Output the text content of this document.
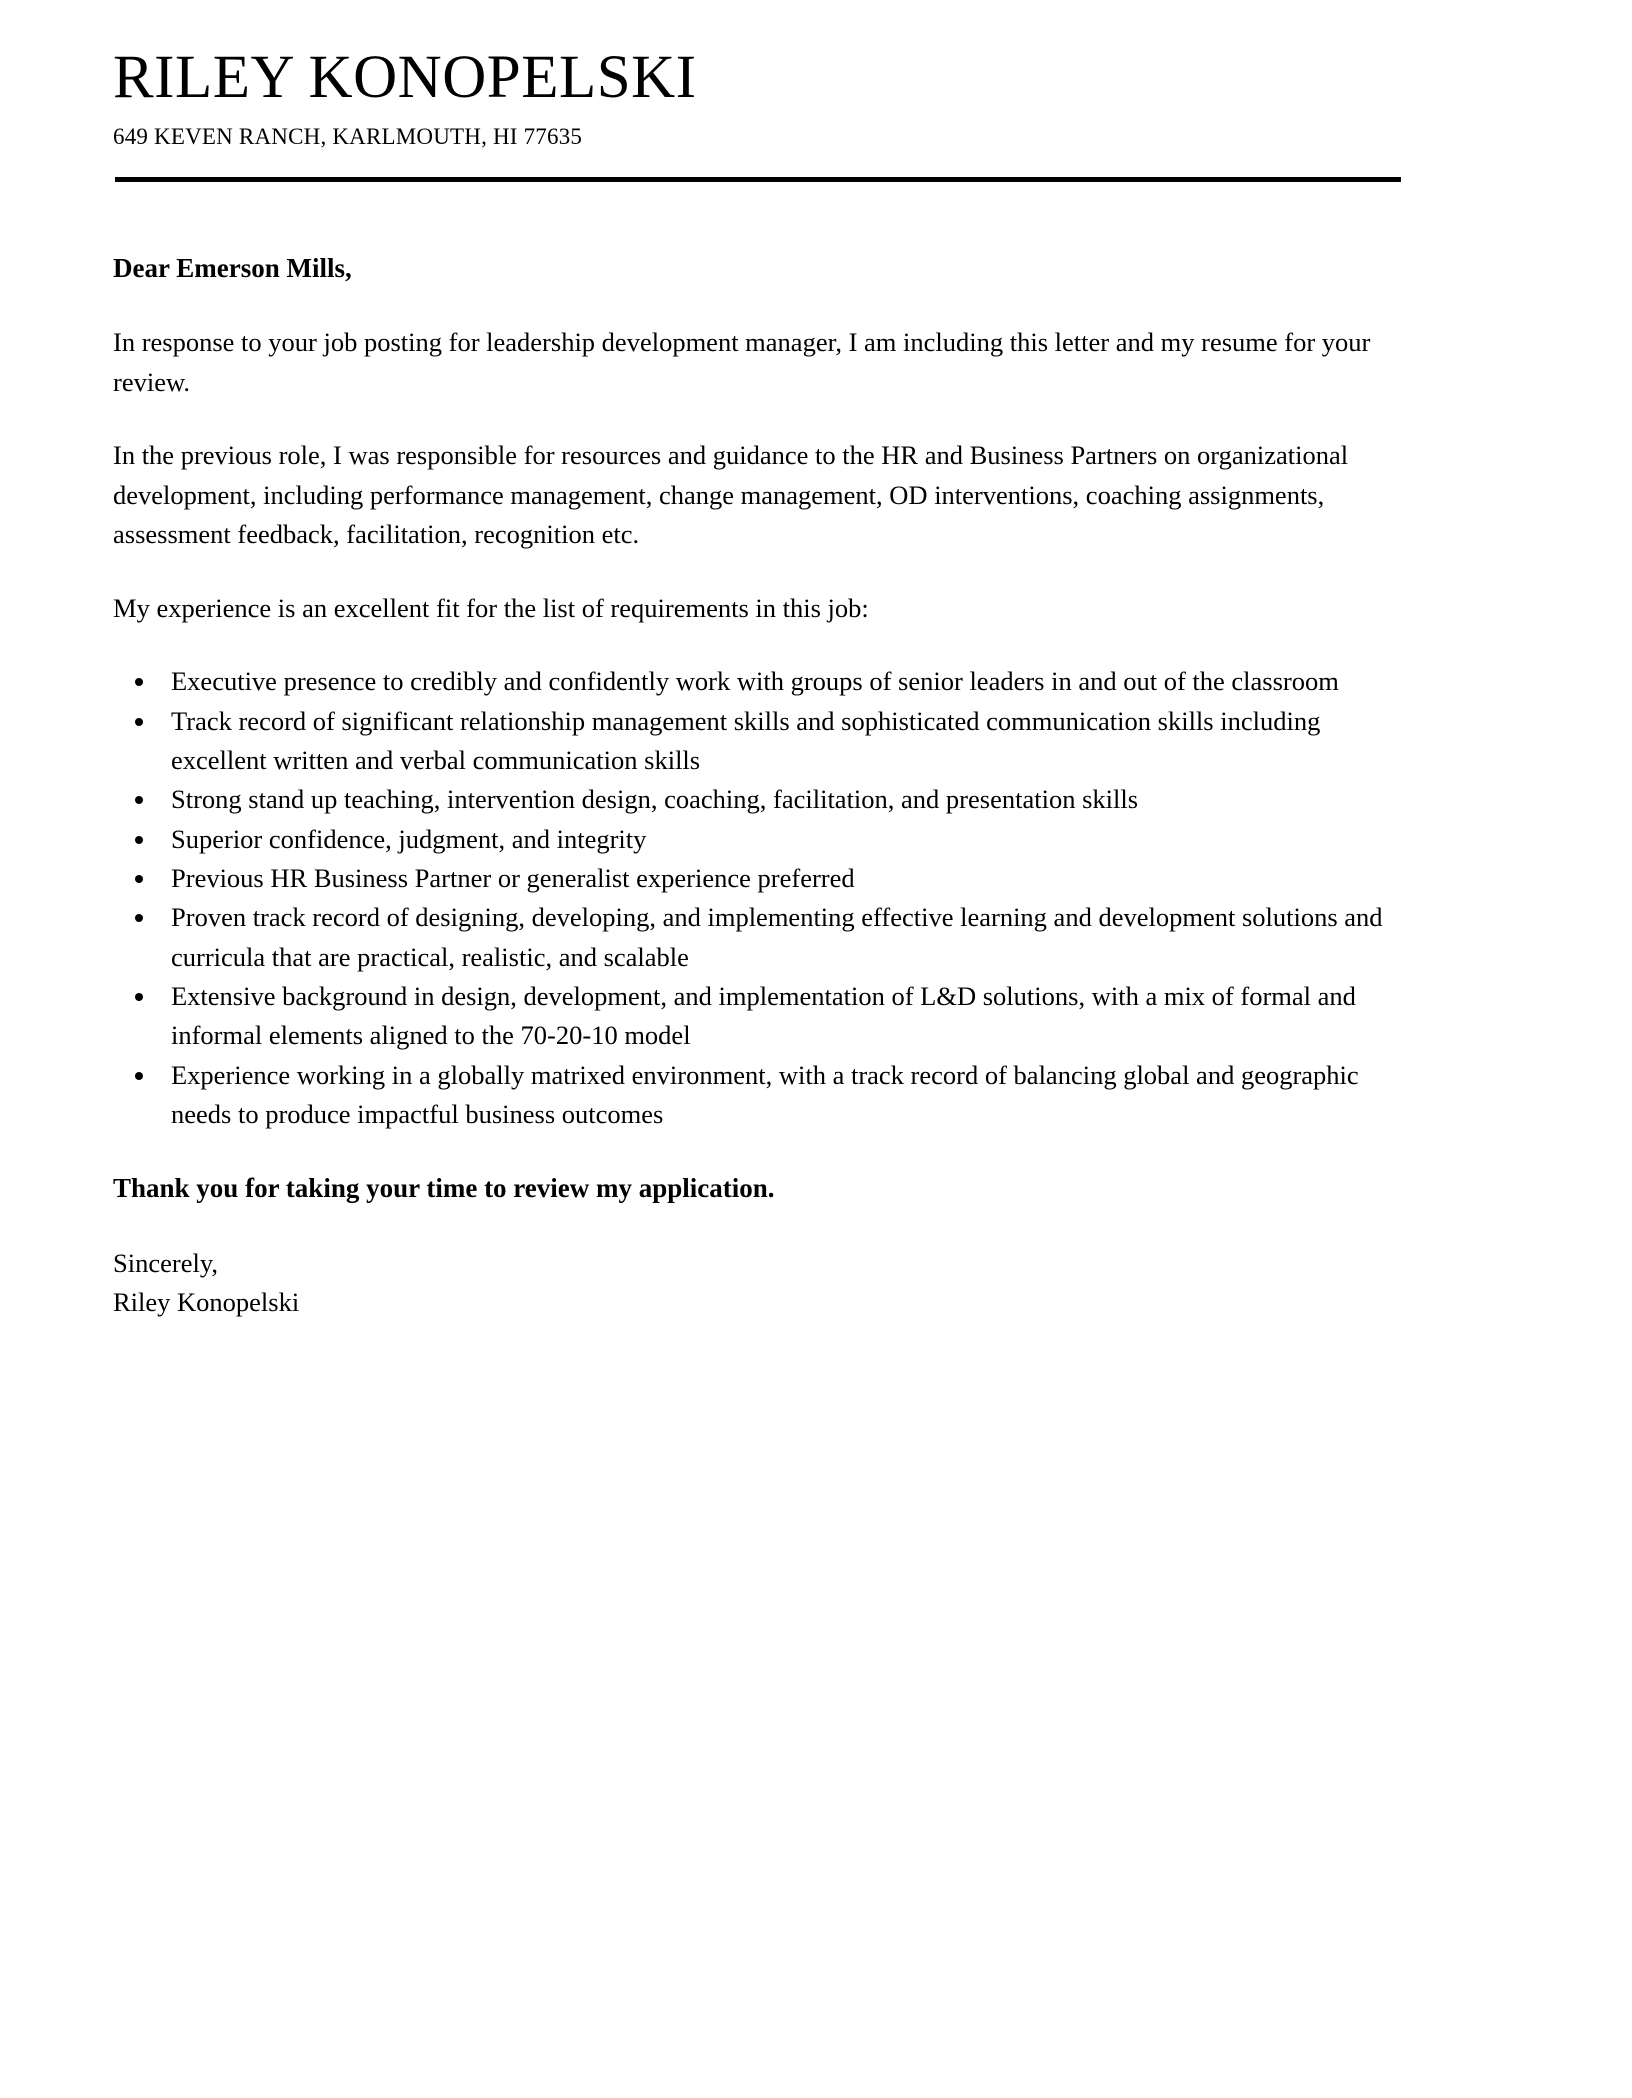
RILEY KONOPELSKI
649 KEVEN RANCH, KARLMOUTH, HI 77635

Dear Emerson Mills,

In response to your job posting for leadership development manager, I am including this letter and my resume for your review.

In the previous role, I was responsible for resources and guidance to the HR and Business Partners on organizational development, including performance management, change management, OD interventions, coaching assignments, assessment feedback, facilitation, recognition etc.

My experience is an excellent fit for the list of requirements in this job:

• Executive presence to credibly and confidently work with groups of senior leaders in and out of the classroom
• Track record of significant relationship management skills and sophisticated communication skills including excellent written and verbal communication skills
• Strong stand up teaching, intervention design, coaching, facilitation, and presentation skills
• Superior confidence, judgment, and integrity
• Previous HR Business Partner or generalist experience preferred
• Proven track record of designing, developing, and implementing effective learning and development solutions and curricula that are practical, realistic, and scalable
• Extensive background in design, development, and implementation of L&D solutions, with a mix of formal and informal elements aligned to the 70-20-10 model
• Experience working in a globally matrixed environment, with a track record of balancing global and geographic needs to produce impactful business outcomes

Thank you for taking your time to review my application.

Sincerely,
Riley Konopelski
